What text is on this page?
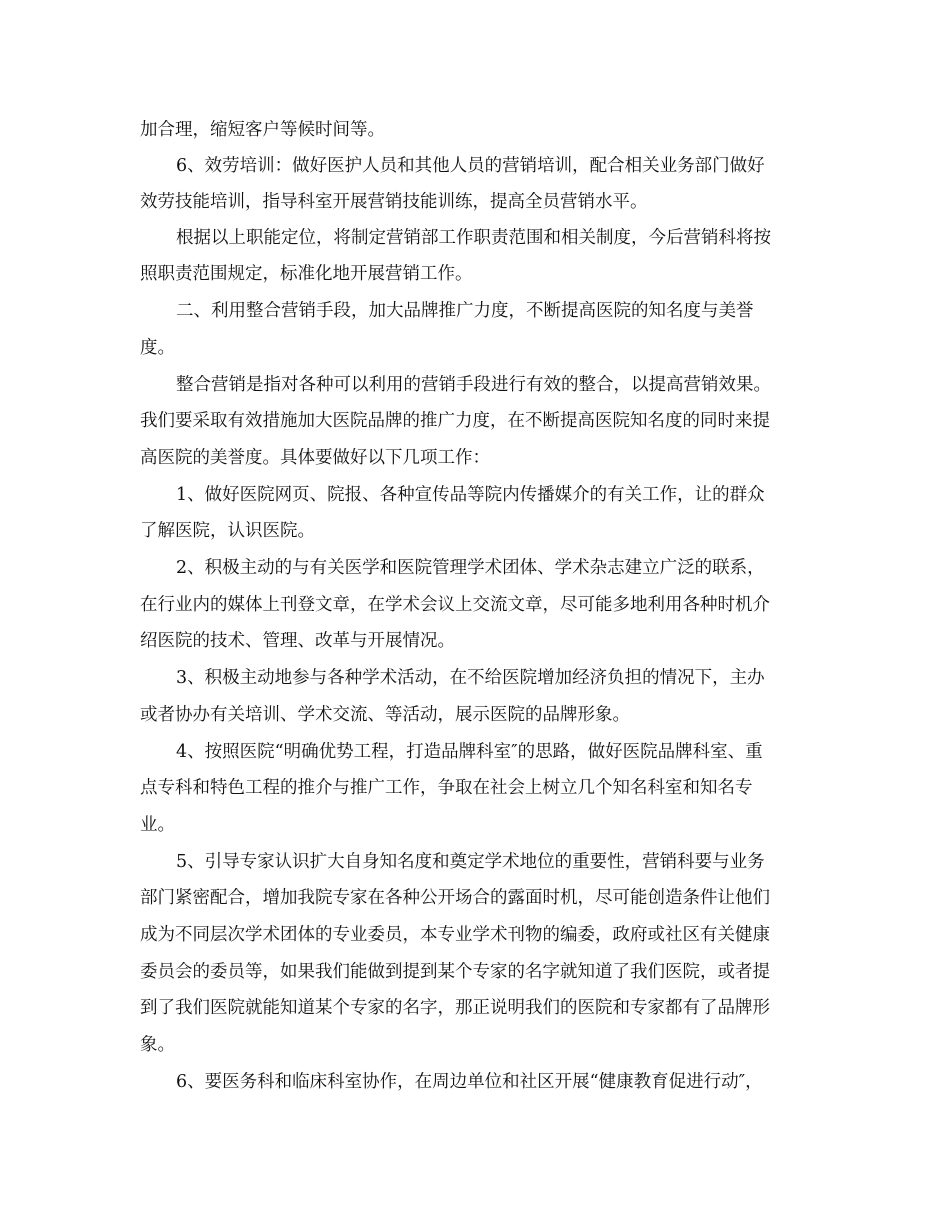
加合理，缩短客户等候时间等。
6、效劳培训：做好医护人员和其他人员的营销培训，配合相关业务部门做好
效劳技能培训，指导科室开展营销技能训练，提高全员营销水平。
根据以上职能定位，将制定营销部工作职责范围和相关制度，今后营销科将按
照职责范围规定，标准化地开展营销工作。
二、利用整合营销手段，加大品牌推广力度，不断提高医院的知名度与美誉
度。
整合营销是指对各种可以利用的营销手段进行有效的整合，以提高营销效果。
我们要采取有效措施加大医院品牌的推广力度，在不断提高医院知名度的同时来提
高医院的美誉度。具体要做好以下几项工作：
1、做好医院网页、院报、各种宣传品等院内传播媒介的有关工作，让的群众
了解医院，认识医院。
2、积极主动的与有关医学和医院管理学术团体、学术杂志建立广泛的联系，
在行业内的媒体上刊登文章，在学术会议上交流文章，尽可能多地利用各种时机介
绍医院的技术、管理、改革与开展情况。
3、积极主动地参与各种学术活动，在不给医院增加经济负担的情况下，主办
或者协办有关培训、学术交流、等活动，展示医院的品牌形象。
4、按照医院“明确优势工程，打造品牌科室″的思路，做好医院品牌科室、重
点专科和特色工程的推介与推广工作，争取在社会上树立几个知名科室和知名专
业。
5、引导专家认识扩大自身知名度和奠定学术地位的重要性，营销科要与业务
部门紧密配合，增加我院专家在各种公开场合的露面时机，尽可能创造条件让他们
成为不同层次学术团体的专业委员，本专业学术刊物的编委，政府或社区有关健康
委员会的委员等，如果我们能做到提到某个专家的名字就知道了我们医院，或者提
到了我们医院就能知道某个专家的名字，那正说明我们的医院和专家都有了品牌形
象。
6、要医务科和临床科室协作，在周边单位和社区开展“健康教育促进行动″，
